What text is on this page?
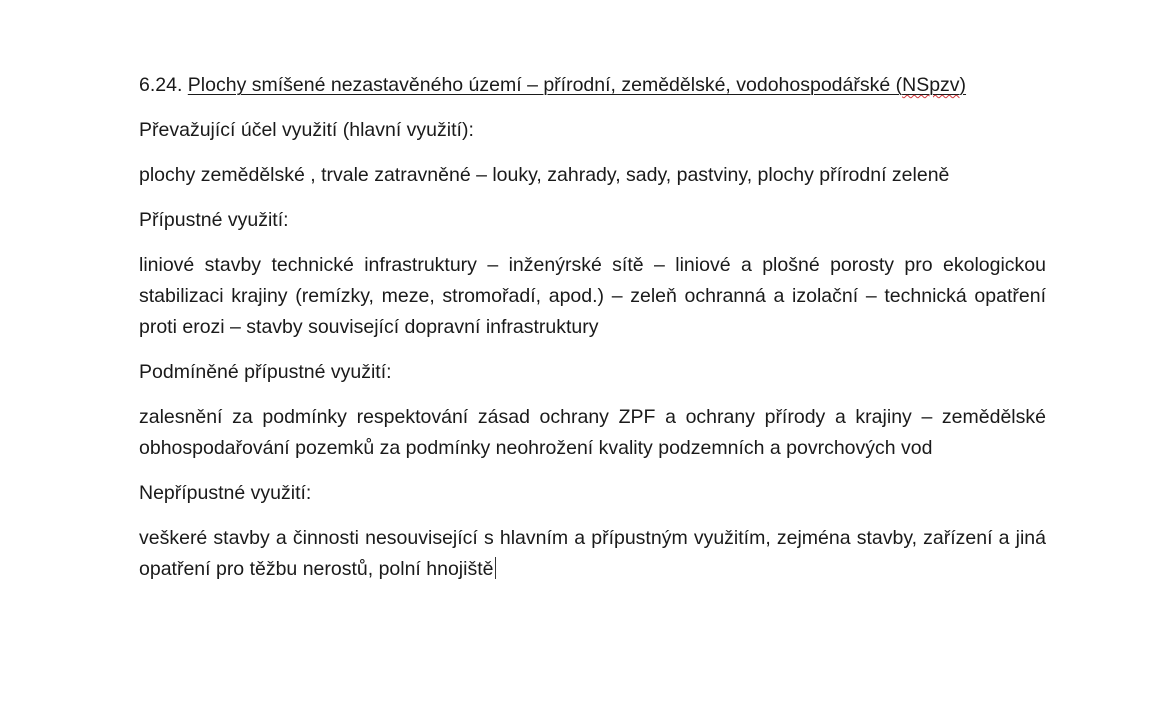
6.24. Plochy smíšené nezastavěného území – přírodní, zemědělské, vodohospodářské (NSpzv)

Převažující účel využití (hlavní využití):

plochy zemědělské , trvale zatravněné – louky, zahrady, sady, pastviny, plochy přírodní zeleně

Přípustné využití:

liniové stavby technické infrastruktury – inženýrské sítě – liniové a plošné porosty pro ekologickou stabilizaci krajiny (remízky, meze, stromořadí, apod.) – zeleň ochranná a izolační – technická opatření proti erozi – stavby související dopravní infrastruktury

Podmíněné přípustné využití:

zalesnění za podmínky respektování zásad ochrany ZPF a ochrany přírody a krajiny – zemědělské obhospodařování pozemků za podmínky neohrožení kvality podzemních a povrchových vod

Nepřípustné využití:

veškeré stavby a činnosti nesouvisející s hlavním a přípustným využitím, zejména stavby, zařízení a jiná opatření pro těžbu nerostů, polní hnojiště
